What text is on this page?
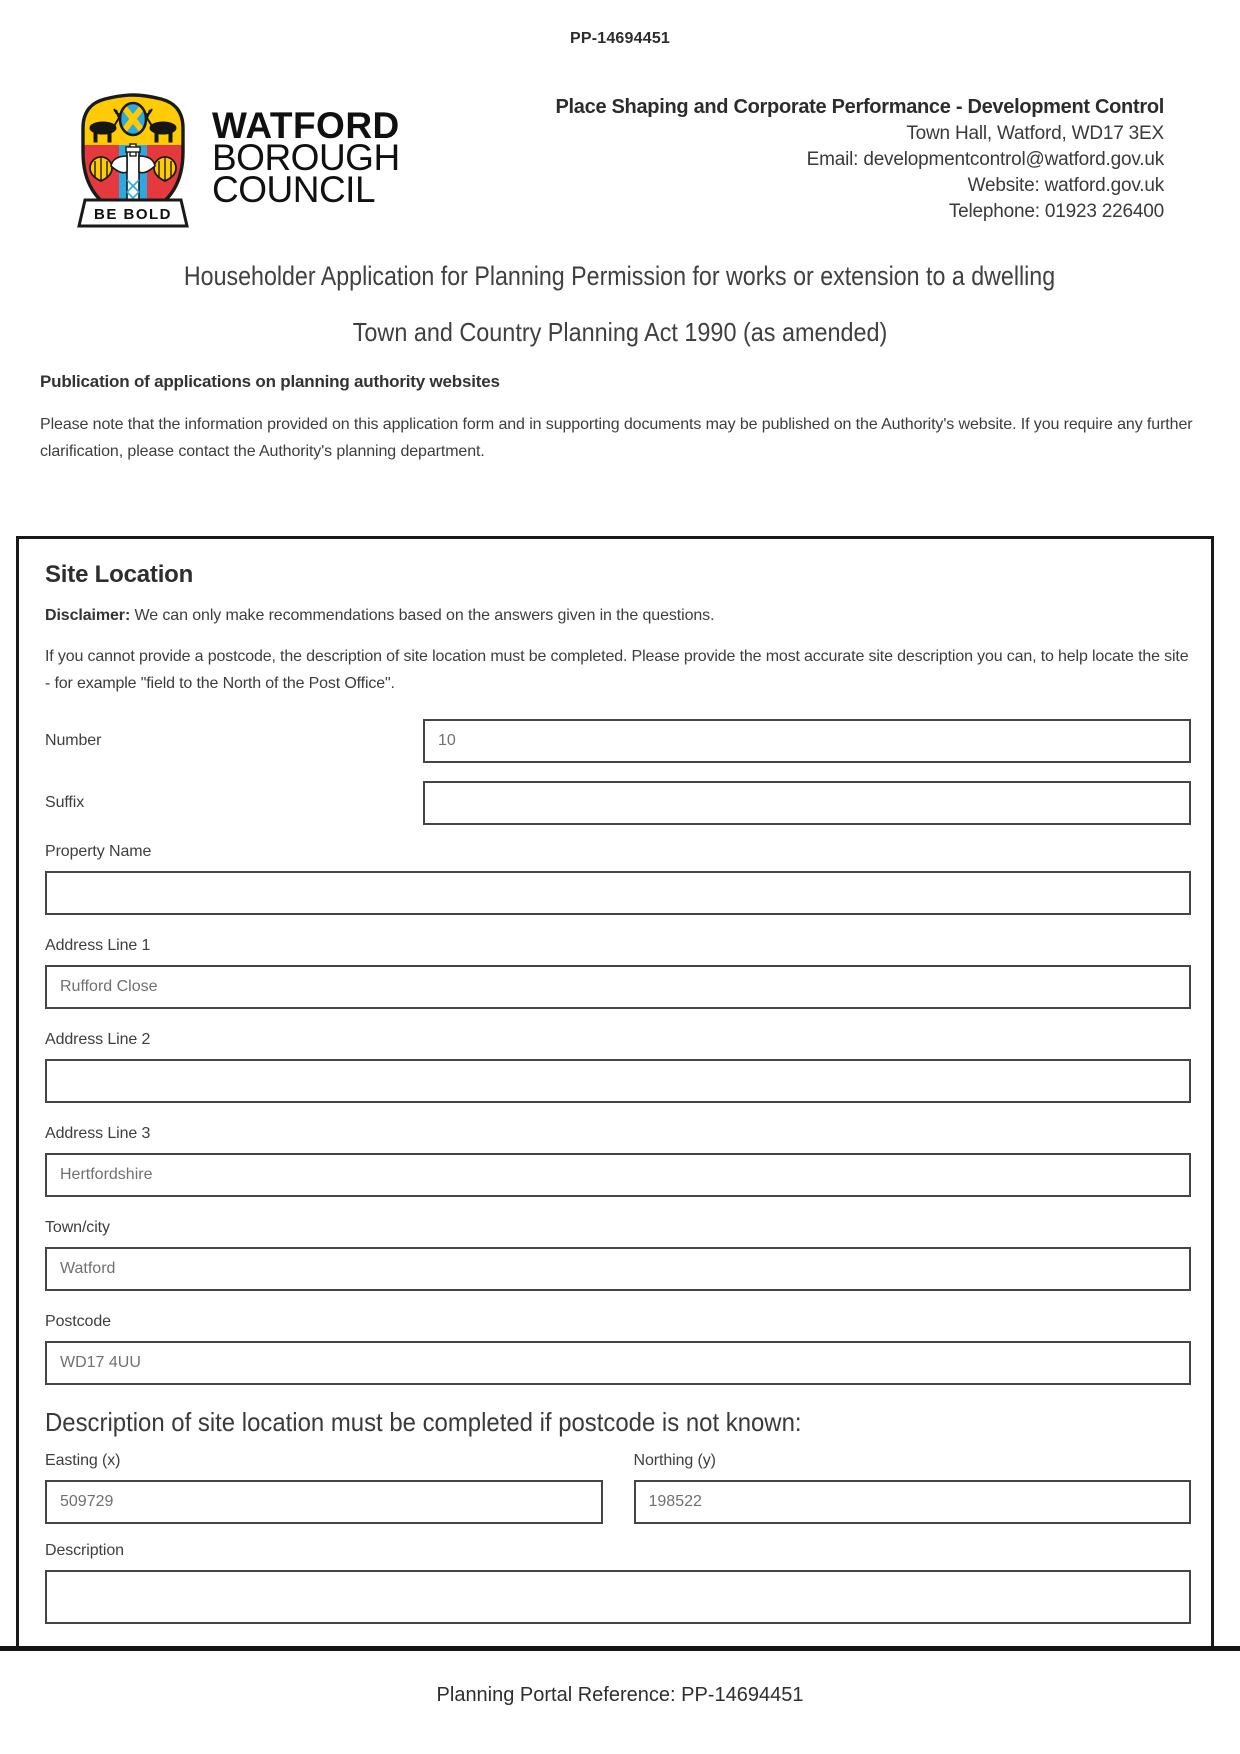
PP-14694451
BE BOLD
WATFORD
BOROUGH
COUNCIL
Place Shaping and Corporate Performance - Development Control
Town Hall, Watford, WD17 3EX
Email: developmentcontrol@watford.gov.uk
Website: watford.gov.uk
Telephone: 01923 226400
Householder Application for Planning Permission for works or extension to a dwelling
Town and Country Planning Act 1990 (as amended)
Publication of applications on planning authority websites
Please note that the information provided on this application form and in supporting documents may be published on the Authority's website. If you require any further clarification, please contact the Authority's planning department.
Site Location

Disclaimer: We can only make recommendations based on the answers given in the questions.

If you cannot provide a postcode, the description of site location must be completed. Please provide the most accurate site description you can, to help locate the site - for example "field to the North of the Post Office".

Number
10
Suffix
Property Name
Address Line 1
Rufford Close
Address Line 2
Address Line 3
Hertfordshire
Town/city
Watford
Postcode
WD17 4UU
Description of site location must be completed if postcode is not known:
Easting (x)
509729	Northing (y)
198522
Description
Planning Portal Reference: PP-14694451
